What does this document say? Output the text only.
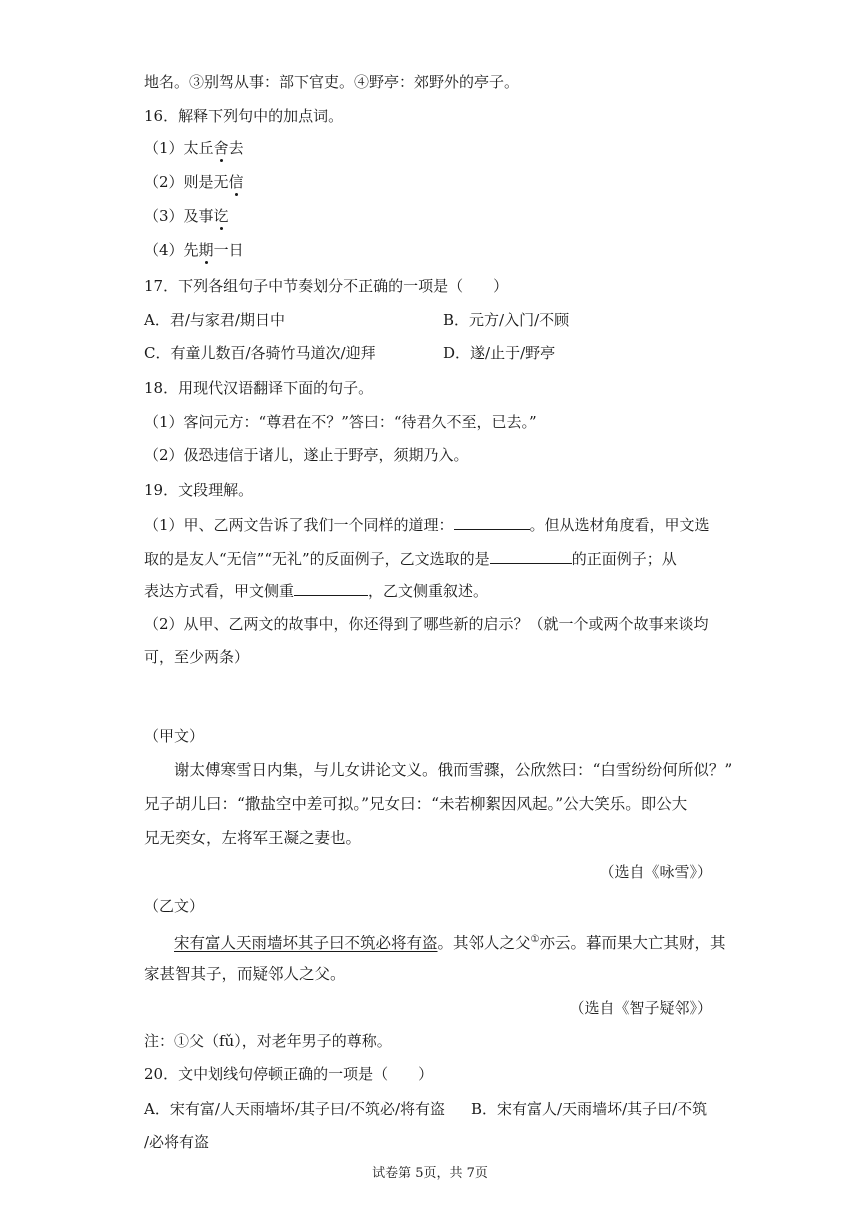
地名。③别驾从事：部下官吏。④野亭：郊野外的亭子。
16．解释下列句中的加点词。
（1）太丘舍去
（2）则是无信
（3）及事讫
（4）先期一日
17．下列各组句子中节奏划分不正确的一项是（　　）
A．君/与家君/期日中	B．元方/入门/不顾
C．有童儿数百/各骑竹马道次/迎拜	D．遂/止于/野亭
18．用现代汉语翻译下面的句子。
（1）客问元方：“尊君在不？”答曰：“待君久不至，已去。”
（2）伋恐违信于诸儿，遂止于野亭，须期乃入。
19．文段理解。
（1）甲、乙两文告诉了我们一个同样的道理：	。但从选材角度看，甲文选
取的是友人“无信”“无礼”的反面例子，乙文选取的是	的正面例子；从
表达方式看，甲文侧重	，乙文侧重叙述。
（2）从甲、乙两文的故事中，你还得到了哪些新的启示？（就一个或两个故事来谈均
可，至少两条）
（甲文）
谢太傅寒雪日内集，与儿女讲论文义。俄而雪骤，公欣然曰：“白雪纷纷何所似？”
兄子胡儿曰：“撒盐空中差可拟。”兄女曰：“未若柳絮因风起。”公大笑乐。即公大
兄无奕女，左将军王凝之妻也。
（选自《咏雪》）
（乙文）
宋有富人天雨墙坏其子曰不筑必将有盗。其邻人之父①亦云。暮而果大亡其财，其
家甚智其子，而疑邻人之父。
（选自《智子疑邻》）
注：①父（fǔ），对老年男子的尊称。
20．文中划线句停顿正确的一项是（　　）
A．宋有富/人天雨墙坏/其子曰/不筑必/将有盗 B．宋有富人/天雨墙坏/其子曰/不筑
/必将有盗
试卷第 5页，共 7页
